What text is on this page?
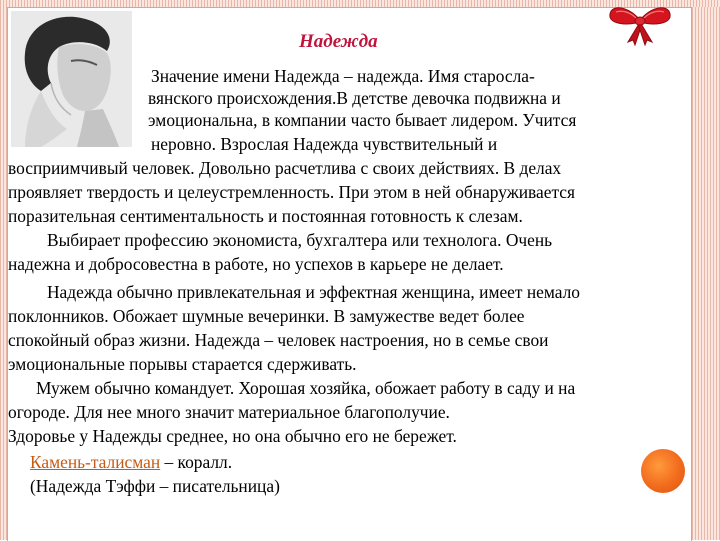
Надежда
Значение имени Надежда – надежда. Имя старосла-
вянского происхождения.В детстве девочка подвижна и
эмоциональна, в компании часто бывает лидером. Учится
неровно. Взрослая Надежда чувствительный и
восприимчивый человек. Довольно расчетлива с своих действиях. В делах
проявляет твердость и целеустремленность. При этом в ней обнаруживается
поразительная сентиментальность и постоянная готовность к слезам.
Выбирает профессию экономиста, бухгалтера или технолога. Очень
надежна и добросовестна в работе, но успехов в карьере не делает.
Надежда обычно привлекательная и эффектная женщина, имеет немало
поклонников. Обожает шумные вечеринки. В замужестве ведет более
спокойный образ жизни. Надежда – человек настроения, но в семье свои
эмоциональные порывы старается сдерживать.
Мужем обычно командует. Хорошая хозяйка, обожает работу в саду и на
огороде. Для нее много значит материальное благополучие.
Здоровье у Надежды среднее, но она обычно его не бережет.
Камень-талисман – коралл.
(Надежда Тэффи – писательница)
